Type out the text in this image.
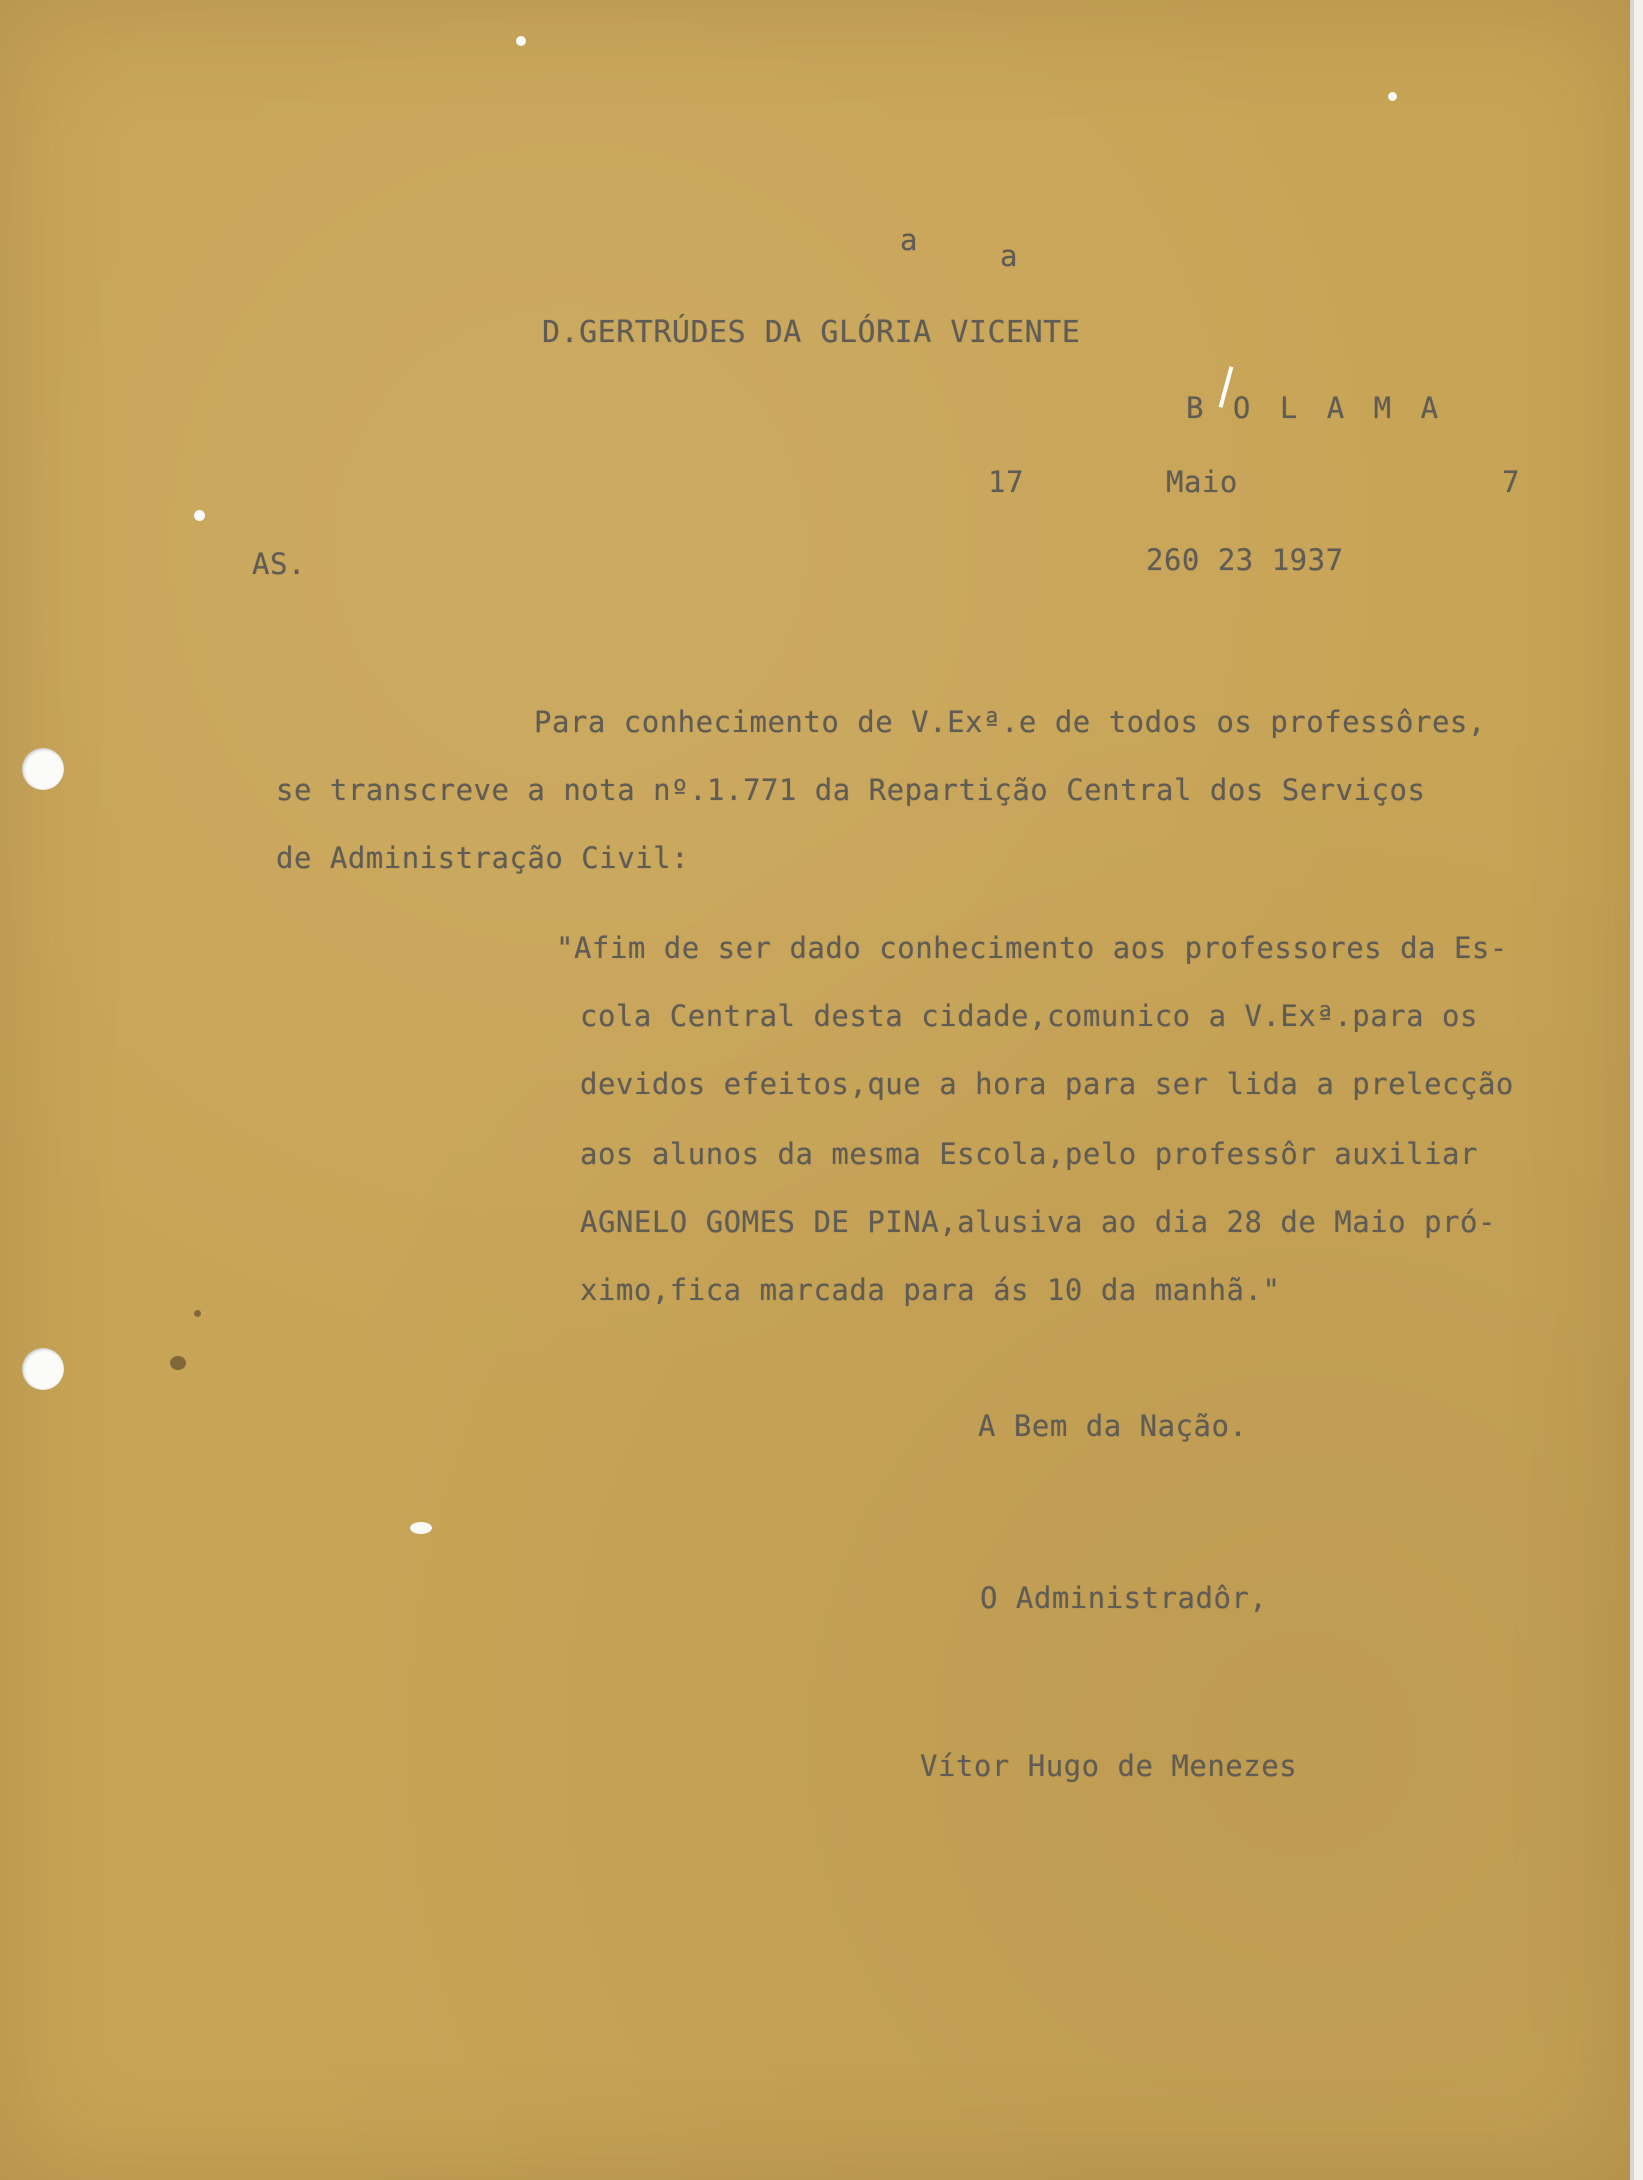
a	a
D.GERTRÚDES DA GLÓRIA VICENTE
B O L A M A
17	Maio	7
AS.	260 23 1937
Para conhecimento de V.Exª.e de todos os professôres,
se transcreve a nota nº.1.771 da Repartição Central dos Serviços
de Administração Civil:
"Afim de ser dado conhecimento aos professores da Es-
cola Central desta cidade,comunico a V.Exª.para os
devidos efeitos,que a hora para ser lida a prelecção
aos alunos da mesma Escola,pelo professôr auxiliar
AGNELO GOMES DE PINA,alusiva ao dia 28 de Maio pró-
ximo,fica marcada para ás 10 da manhã."
A Bem da Nação.
O Administradôr,
Vítor Hugo de Menezes
